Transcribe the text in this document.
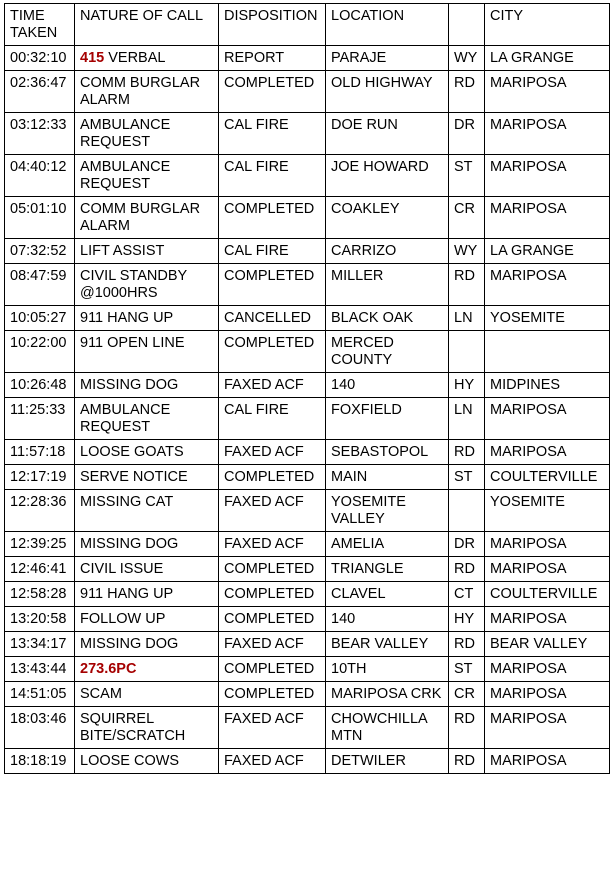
TIME TAKEN	NATURE OF CALL	DISPOSITION	LOCATION		CITY
00:32:10	415 VERBAL	REPORT	PARAJE	WY	LA GRANGE
02:36:47	COMM BURGLAR ALARM	COMPLETED	OLD HIGHWAY	RD	MARIPOSA
03:12:33	AMBULANCE REQUEST	CAL FIRE	DOE RUN	DR	MARIPOSA
04:40:12	AMBULANCE REQUEST	CAL FIRE	JOE HOWARD	ST	MARIPOSA
05:01:10	COMM BURGLAR ALARM	COMPLETED	COAKLEY	CR	MARIPOSA
07:32:52	LIFT ASSIST	CAL FIRE	CARRIZO	WY	LA GRANGE
08:47:59	CIVIL STANDBY @1000HRS	COMPLETED	MILLER	RD	MARIPOSA
10:05:27	911 HANG UP	CANCELLED	BLACK OAK	LN	YOSEMITE
10:22:00	911 OPEN LINE	COMPLETED	MERCED COUNTY		
10:26:48	MISSING DOG	FAXED ACF	140	HY	MIDPINES
11:25:33	AMBULANCE REQUEST	CAL FIRE	FOXFIELD	LN	MARIPOSA
11:57:18	LOOSE GOATS	FAXED ACF	SEBASTOPOL	RD	MARIPOSA
12:17:19	SERVE NOTICE	COMPLETED	MAIN	ST	COULTERVILLE
12:28:36	MISSING CAT	FAXED ACF	YOSEMITE VALLEY		YOSEMITE
12:39:25	MISSING DOG	FAXED ACF	AMELIA	DR	MARIPOSA
12:46:41	CIVIL ISSUE	COMPLETED	TRIANGLE	RD	MARIPOSA
12:58:28	911 HANG UP	COMPLETED	CLAVEL	CT	COULTERVILLE
13:20:58	FOLLOW UP	COMPLETED	140	HY	MARIPOSA
13:34:17	MISSING DOG	FAXED ACF	BEAR VALLEY	RD	BEAR VALLEY
13:43:44	273.6PC	COMPLETED	10TH	ST	MARIPOSA
14:51:05	SCAM	COMPLETED	MARIPOSA CRK	CR	MARIPOSA
18:03:46	SQUIRREL BITE/SCRATCH	FAXED ACF	CHOWCHILLA MTN	RD	MARIPOSA
18:18:19	LOOSE COWS	FAXED ACF	DETWILER	RD	MARIPOSA
